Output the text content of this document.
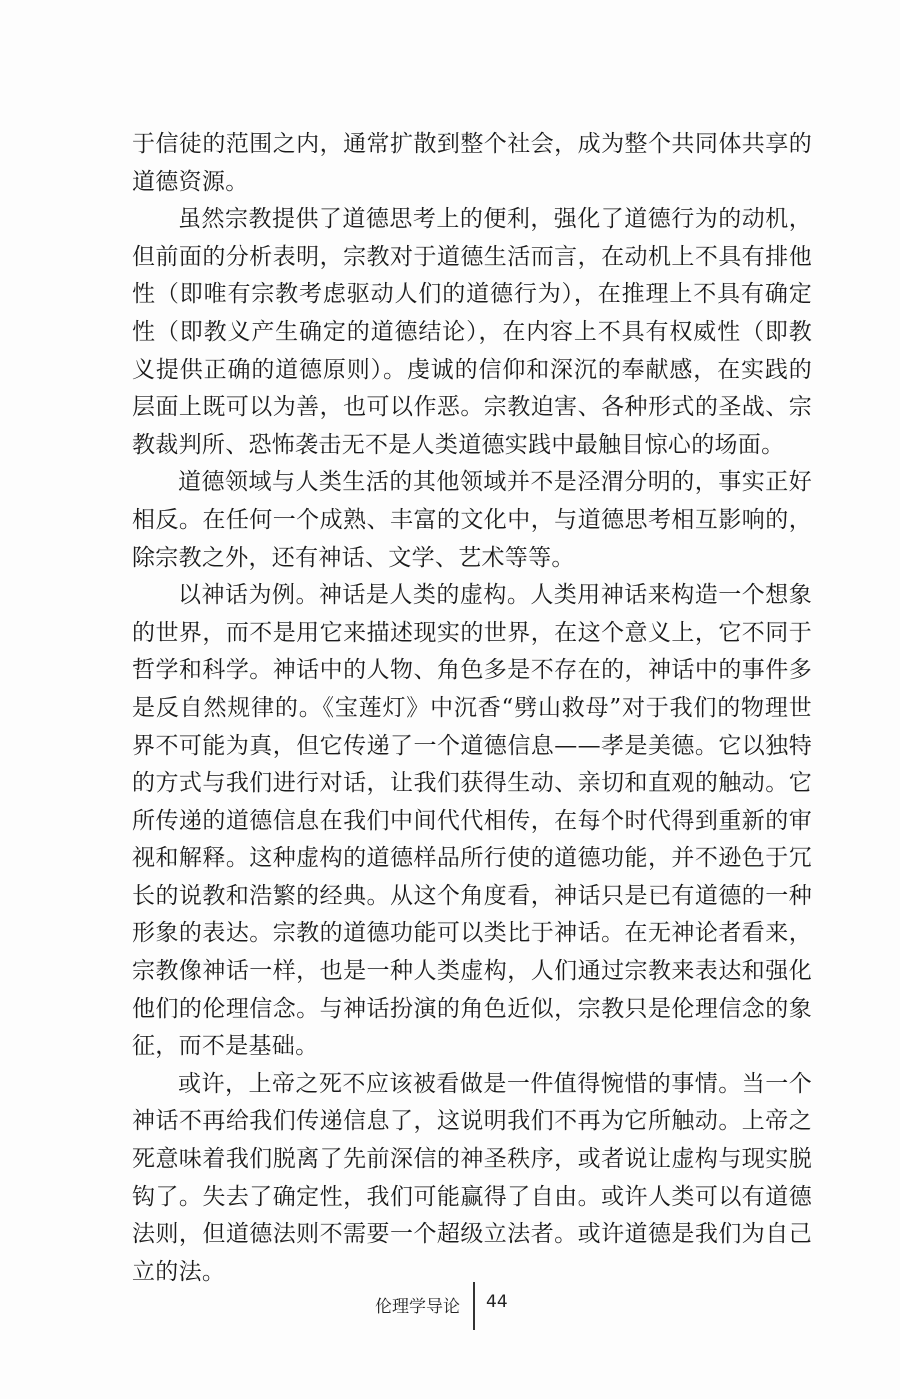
于信徒的范围之内，通常扩散到整个社会，成为整个共同体共享的道德资源。

虽然宗教提供了道德思考上的便利，强化了道德行为的动机，但前面的分析表明，宗教对于道德生活而言，在动机上不具有排他性（即唯有宗教考虑驱动人们的道德行为），在推理上不具有确定性（即教义产生确定的道德结论），在内容上不具有权威性（即教义提供正确的道德原则）。虔诚的信仰和深沉的奉献感，在实践的层面上既可以为善，也可以作恶。宗教迫害、各种形式的圣战、宗教裁判所、恐怖袭击无不是人类道德实践中最触目惊心的场面。

道德领域与人类生活的其他领域并不是泾渭分明的，事实正好相反。在任何一个成熟、丰富的文化中，与道德思考相互影响的，除宗教之外，还有神话、文学、艺术等等。

以神话为例。神话是人类的虚构。人类用神话来构造一个想象的世界，而不是用它来描述现实的世界，在这个意义上，它不同于哲学和科学。神话中的人物、角色多是不存在的，神话中的事件多是反自然规律的。《宝莲灯》中沉香“劈山救母”对于我们的物理世界不可能为真，但它传递了一个道德信息——孝是美德。它以独特的方式与我们进行对话，让我们获得生动、亲切和直观的触动。它所传递的道德信息在我们中间代代相传，在每个时代得到重新的审视和解释。这种虚构的道德样品所行使的道德功能，并不逊色于冗长的说教和浩繁的经典。从这个角度看，神话只是已有道德的一种形象的表达。宗教的道德功能可以类比于神话。在无神论者看来，宗教像神话一样，也是一种人类虚构，人们通过宗教来表达和强化他们的伦理信念。与神话扮演的角色近似，宗教只是伦理信念的象征，而不是基础。

或许，上帝之死不应该被看做是一件值得惋惜的事情。当一个神话不再给我们传递信息了，这说明我们不再为它所触动。上帝之死意味着我们脱离了先前深信的神圣秩序，或者说让虚构与现实脱钩了。失去了确定性，我们可能赢得了自由。或许人类可以有道德法则，但道德法则不需要一个超级立法者。或许道德是我们为自己立的法。

伦理学导论 44
